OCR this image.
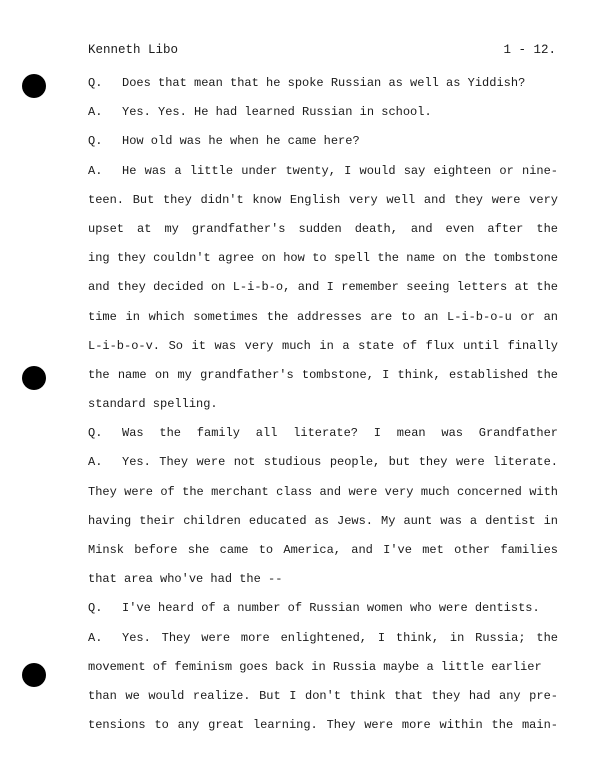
Kenneth Libo	1 - 12.
Q. Does that mean that he spoke Russian as well as Yiddish?
A. Yes. Yes. He had learned Russian in school.
Q. How old was he when he came here?
A. He was a little under twenty, I would say eighteen or nine-
teen. But they didn't know English very well and they were very
upset at my grandfather's sudden death, and even after the
ing they couldn't agree on how to spell the name on the tombstone
and they decided on L-i-b-o, and I remember seeing letters at the
time in which sometimes the addresses are to an L-i-b-o-u or an
L-i-b-o-v. So it was very much in a state of flux until finally
the name on my grandfather's tombstone, I think, established the
standard spelling.
Q. Was the family all literate? I mean was Grandfather
A. Yes. They were not studious people, but they were literate.
They were of the merchant class and were very much concerned with
having their children educated as Jews. My aunt was a dentist in
Minsk before she came to America, and I've met other families
that area who've had the --
Q. I've heard of a number of Russian women who were dentists.
A. Yes. They were more enlightened, I think, in Russia; the
movement of feminism goes back in Russia maybe a little earlier
than we would realize. But I don't think that they had any pre-
tensions to any great learning. They were more within the main-
